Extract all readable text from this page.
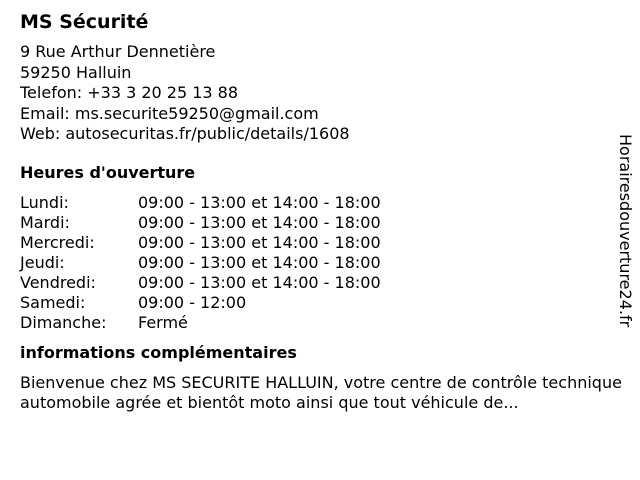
MS Sécurité
9 Rue Arthur Dennetière
59250 Halluin
Telefon: +33 3 20 25 13 88
Email: ms.securite59250@gmail.com
Web: autosecuritas.fr/public/details/1608
Heures d'ouverture
Lundi:	09:00 - 13:00 et 14:00 - 18:00
Mardi:	09:00 - 13:00 et 14:00 - 18:00
Mercredi:	09:00 - 13:00 et 14:00 - 18:00
Jeudi:	09:00 - 13:00 et 14:00 - 18:00
Vendredi:	09:00 - 13:00 et 14:00 - 18:00
Samedi:	09:00 - 12:00
Dimanche:	Fermé
informations complémentaires
Bienvenue chez MS SECURITE HALLUIN, votre centre de contrôle technique automobile agrée et bientôt moto ainsi que tout véhicule de...
Horairesdouverture24.fr
